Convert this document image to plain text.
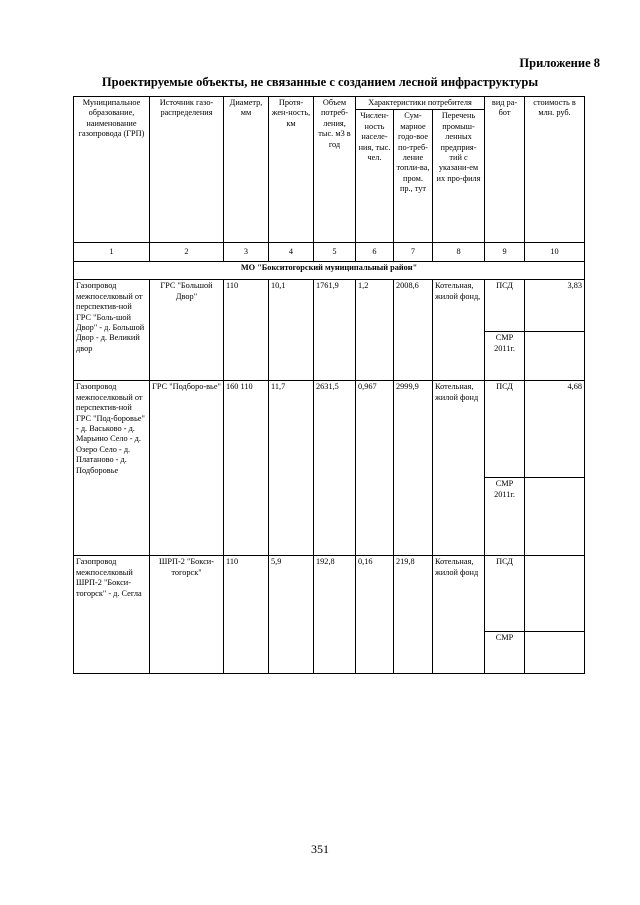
Приложение 8
Проектируемые объекты, не связанные с созданием лесной инфраструктуры
Муниципальное образование, наименование газопровода (ГРП)	Источник газо-распределения	Диаметр, мм	Протя-жен-ность, км	Объем потреб-ления, тыс. м3 в год	Характеристики потребителя			вид ра-бот	стоимость в млн. руб.
					Числен-ность населе-ния, тыс. чел.	Сум-марное годо-вое по-треб-ление топли-ва, пром. пр., тут	Перечень промыш-ленных предприя-тий с указани-ем их про-филя		
1	2	3	4	5	6	7	8	9	10
МО "Бокситогорский муниципальный район"									
Газопровод межпоселковый от перспектив-ной ГРС "Боль-шой Двор" - д. Большой Двор - д. Великий двор	ГРС "Большой Двор"	110	10,1	1761,9	1,2	2008,6	Котельная, жилой фонд,	ПСД	3,83
								СМР 2011г.	
Газопровод межпоселковый от перспектив-ной ГРС "Под-боровье" - д. Васьково - д. Марьино Село - д. Озеро Село - д. Платаново - д. Подборовье	ГРС "Подборо-вье"	160 110	11,7	2631,5	0,967	2999,9	Котельная, жилой фонд	ПСД	4,68
								СМР 2011г.	
Газопровод межпоселковый ШРП-2 "Бокси-тогорск" - д. Сегла	ШРП-2 "Бокси-тогорск"	110	5,9	192,8	0,16	219,8	Котельная, жилой фонд	ПСД	
								СМР	
351
